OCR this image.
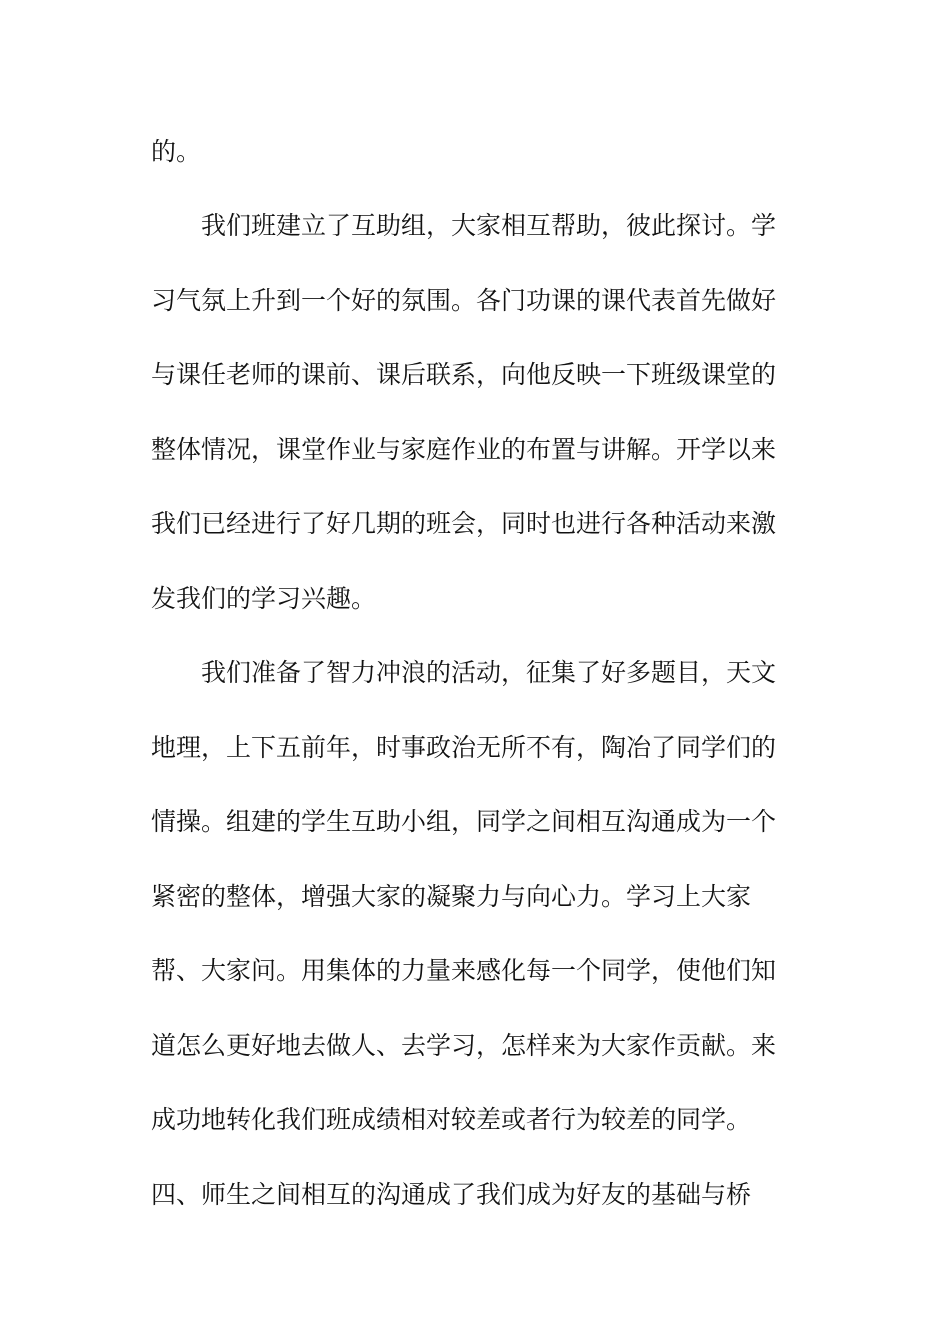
的。
我们班建立了互助组，大家相互帮助，彼此探讨。学
习气氛上升到一个好的氛围。各门功课的课代表首先做好
与课任老师的课前、课后联系，向他反映一下班级课堂的
整体情况，课堂作业与家庭作业的布置与讲解。开学以来
我们已经进行了好几期的班会，同时也进行各种活动来激
发我们的学习兴趣。
我们准备了智力冲浪的活动，征集了好多题目，天文
地理，上下五前年，时事政治无所不有，陶冶了同学们的
情操。组建的学生互助小组，同学之间相互沟通成为一个
紧密的整体，增强大家的凝聚力与向心力。学习上大家
帮、大家问。用集体的力量来感化每一个同学，使他们知
道怎么更好地去做人、去学习，怎样来为大家作贡献。来
成功地转化我们班成绩相对较差或者行为较差的同学。
四、师生之间相互的沟通成了我们成为好友的基础与桥
